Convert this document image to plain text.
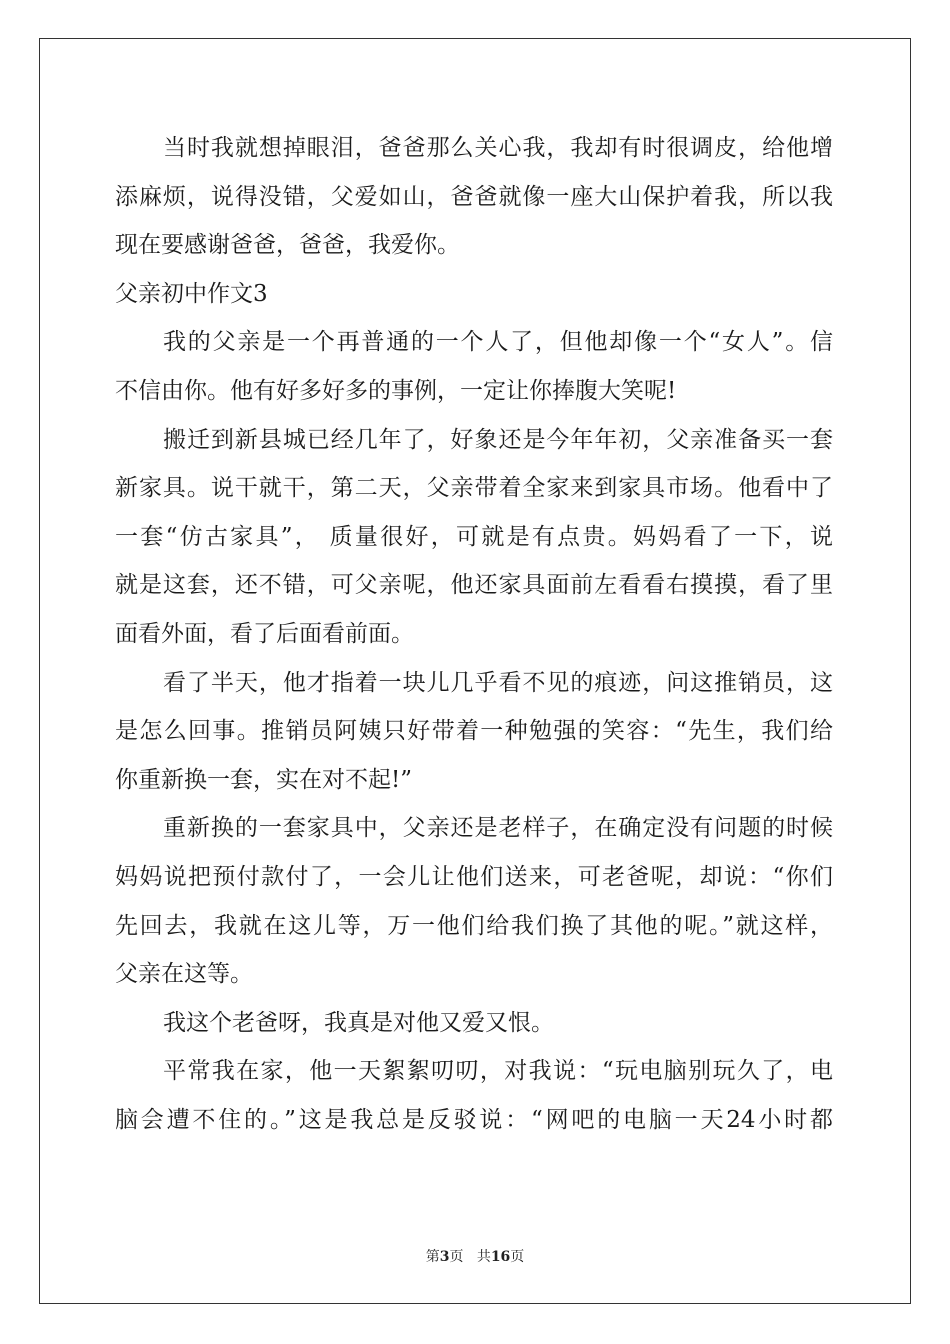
当时我就想掉眼泪，爸爸那么关心我，我却有时很调皮，给他增
添麻烦，说得没错，父爱如山，爸爸就像一座大山保护着我，所以我
现在要感谢爸爸，爸爸，我爱你。
父亲初中作文3
我的父亲是一个再普通的一个人了，但他却像一个“女人”。信
不信由你。他有好多好多的事例，一定让你捧腹大笑呢!
搬迁到新县城已经几年了，好象还是今年年初，父亲准备买一套
新家具。说干就干，第二天，父亲带着全家来到家具市场。他看中了
一套“仿古家具”， 质量很好，可就是有点贵。妈妈看了一下，说
就是这套，还不错，可父亲呢，他还家具面前左看看右摸摸，看了里
面看外面，看了后面看前面。
看了半天，他才指着一块儿几乎看不见的痕迹，问这推销员，这
是怎么回事。推销员阿姨只好带着一种勉强的笑容：“先生，我们给
你重新换一套，实在对不起!”
重新换的一套家具中，父亲还是老样子，在确定没有问题的时候
妈妈说把预付款付了，一会儿让他们送来，可老爸呢，却说：“你们
先回去，我就在这儿等，万一他们给我们换了其他的呢。”就这样，
父亲在这等。
我这个老爸呀，我真是对他又爱又恨。
平常我在家，他一天絮絮叨叨，对我说：“玩电脑别玩久了，电
脑会遭不住的。”这是我总是反驳说：“网吧的电脑一天24小时都
第3页 共16页
